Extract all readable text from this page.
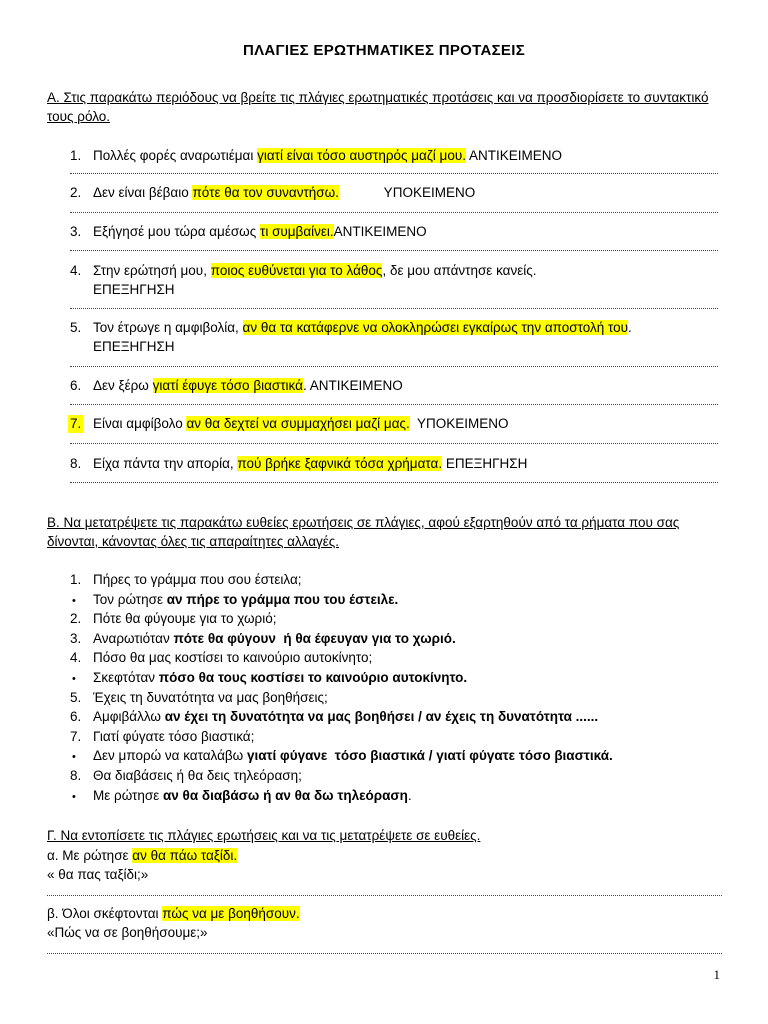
ΠΛΑΓΙΕΣ ΕΡΩΤΗΜΑΤΙΚΕΣ ΠΡΟΤΑΣΕΙΣ
Α. Στις παρακάτω περιόδους να βρείτε τις πλάγιες ερωτηματικές προτάσεις και να προσδιορίσετε το συντακτικό τους ρόλο.
1. Πολλές φορές αναρωτιέμαι γιατί είναι τόσο αυστηρός μαζί μου. ΑΝΤΙΚΕΙΜΕΝΟ
2. Δεν είναι βέβαιο πότε θα τον συναντήσω.            ΥΠΟΚΕΙΜΕΝΟ
3. Εξήγησέ μου τώρα αμέσως τι συμβαίνει.ΑΝΤΙΚΕΙΜΕΝΟ
4. Στην ερώτησή μου, ποιος ευθύνεται για το λάθος, δε μου απάντησε κανείς.
ΕΠΕΞΗΓΗΣΗ
5. Τον έτρωγε η αμφιβολία, αν θα τα κατάφερνε να ολοκληρώσει εγκαίρως την αποστολή του.
ΕΠΕΞΗΓΗΣΗ
6. Δεν ξέρω γιατί έφυγε τόσο βιαστικά. ΑΝΤΙΚΕΙΜΕΝΟ
7. Είναι αμφίβολο αν θα δεχτεί να συμμαχήσει μαζί μας.  ΥΠΟΚΕΙΜΕΝΟ
8. Είχα πάντα την απορία, πού βρήκε ξαφνικά τόσα χρήματα. ΕΠΕΞΗΓΗΣΗ
Β. Να μετατρέψετε τις παρακάτω ευθείες ερωτήσεις σε πλάγιες, αφού εξαρτηθούν από τα ρήματα που σας δίνονται, κάνοντας όλες τις απαραίτητες αλλαγές.
1. Πήρες το γράμμα που σου έστειλα;
• Τον ρώτησε αν πήρε το γράμμα που του έστειλε.
2. Πότε θα φύγουμε για το χωριό;
3. Αναρωτιόταν πότε θα φύγουν  ή θα έφευγαν για το χωριό.
4. Πόσο θα μας κοστίσει το καινούριο αυτοκίνητο;
• Σκεφτόταν πόσο θα τους κοστίσει το καινούριο αυτοκίνητο.
5. Έχεις τη δυνατότητα να μας βοηθήσεις;
6. Αμφιβάλλω αν έχει τη δυνατότητα να μας βοηθήσει / αν έχεις τη δυνατότητα ......
7. Γιατί φύγατε τόσο βιαστικά;
• Δεν μπορώ να καταλάβω γιατί φύγανε  τόσο βιαστικά / γιατί φύγατε τόσο βιαστικά.
8. Θα διαβάσεις ή θα δεις τηλεόραση;
• Με ρώτησε αν θα διαβάσω ή αν θα δω τηλεόραση.
Γ. Να εντοπίσετε τις πλάγιες ερωτήσεις και να τις μετατρέψετε σε ευθείες.
α. Με ρώτησε αν θα πάω ταξίδι.
« θα πας ταξίδι;»
β. Όλοι σκέφτονται πώς να με βοηθήσουν.
«Πώς να σε βοηθήσουμε;»
1
